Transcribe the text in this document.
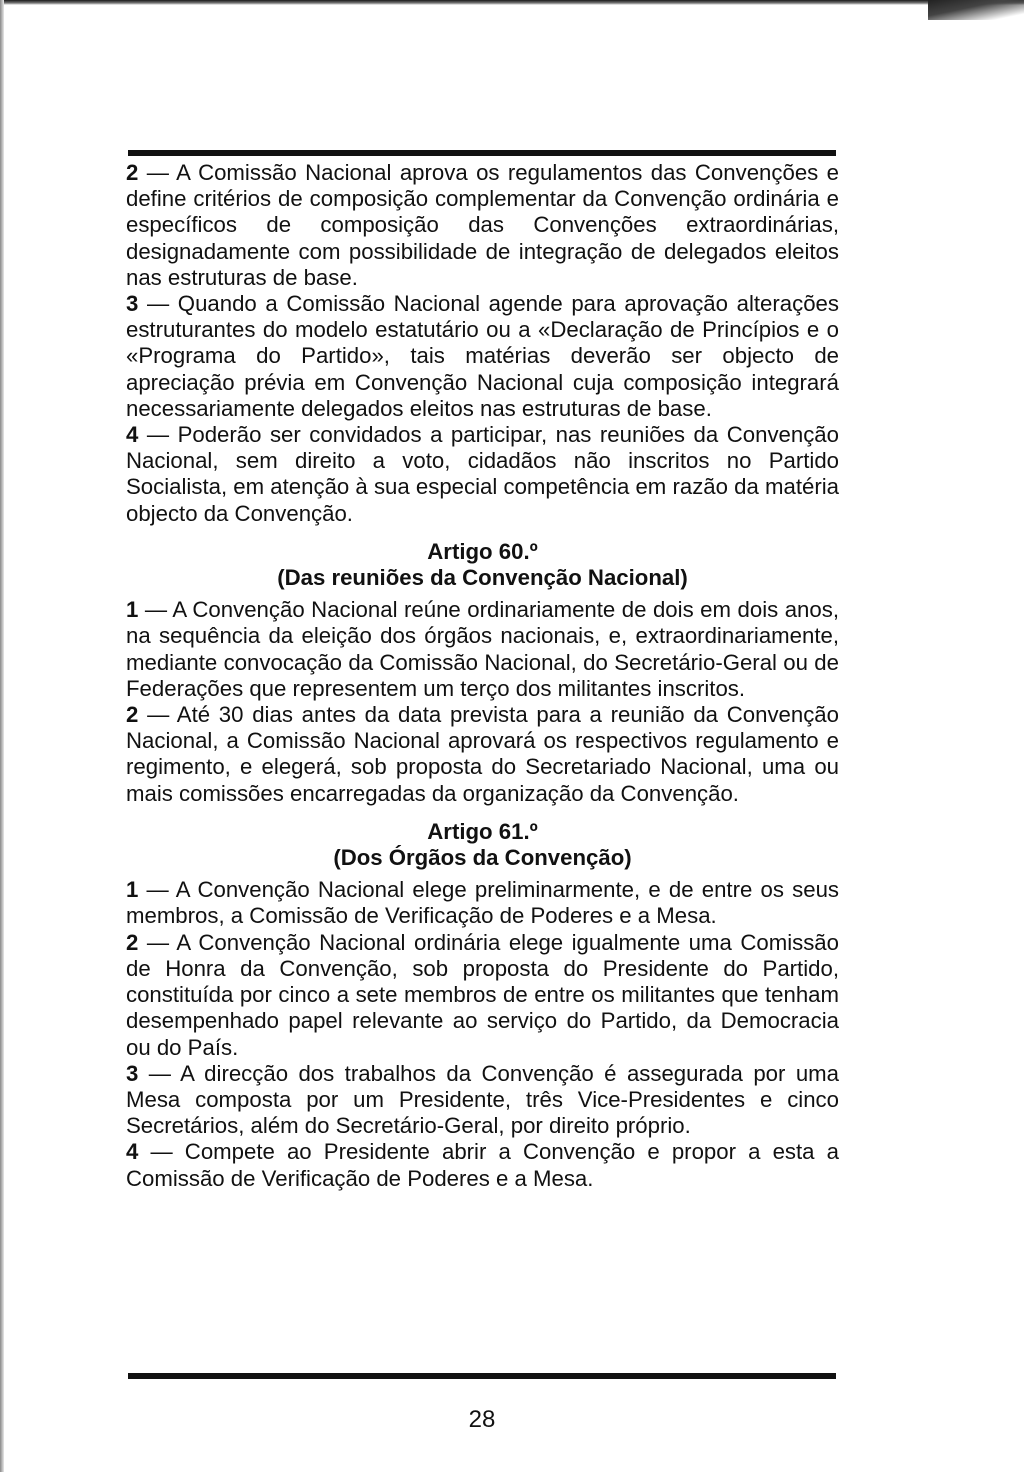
2 — A Comissão Nacional aprova os regulamentos das Convenções e define critérios de composição complementar da Convenção ordinária e específicos de composição das Convenções extraordinárias, designadamente com possibilidade de integração de delegados eleitos nas estruturas de base.

3 — Quando a Comissão Nacional agende para aprovação alterações estruturantes do modelo estatutário ou a «Declaração de Princípios e o «Programa do Partido», tais matérias deverão ser objecto de apreciação prévia em Convenção Nacional cuja composição integrará necessariamente delegados eleitos nas estruturas de base.

4 — Poderão ser convidados a participar, nas reuniões da Convenção Nacional, sem direito a voto, cidadãos não inscritos no Partido Socialista, em atenção à sua especial competência em razão da matéria objecto da Convenção.

Artigo 60.º

(Das reuniões da Convenção Nacional)

1 — A Convenção Nacional reúne ordinariamente de dois em dois anos, na sequência da eleição dos órgãos nacionais, e, extraordinariamente, mediante convocação da Comissão Nacional, do Secretário-Geral ou de Federações que representem um terço dos militantes inscritos.

2 — Até 30 dias antes da data prevista para a reunião da Convenção Nacional, a Comissão Nacional aprovará os respectivos regulamento e regimento, e elegerá, sob proposta do Secretariado Nacional, uma ou mais comissões encarregadas da organização da Convenção.

Artigo 61.º

(Dos Órgãos da Convenção)

1 — A Convenção Nacional elege preliminarmente, e de entre os seus membros, a Comissão de Verificação de Poderes e a Mesa.

2 — A Convenção Nacional ordinária elege igualmente uma Comissão de Honra da Convenção, sob proposta do Presidente do Partido, constituída por cinco a sete membros de entre os militantes que tenham desempenhado papel relevante ao serviço do Partido, da Democracia ou do País.

3 — A direcção dos trabalhos da Convenção é assegurada por uma Mesa composta por um Presidente, três Vice-Presidentes e cinco Secretários, além do Secretário-Geral, por direito próprio.

4 — Compete ao Presidente abrir a Convenção e propor a esta a Comissão de Verificação de Poderes e a Mesa.

28
